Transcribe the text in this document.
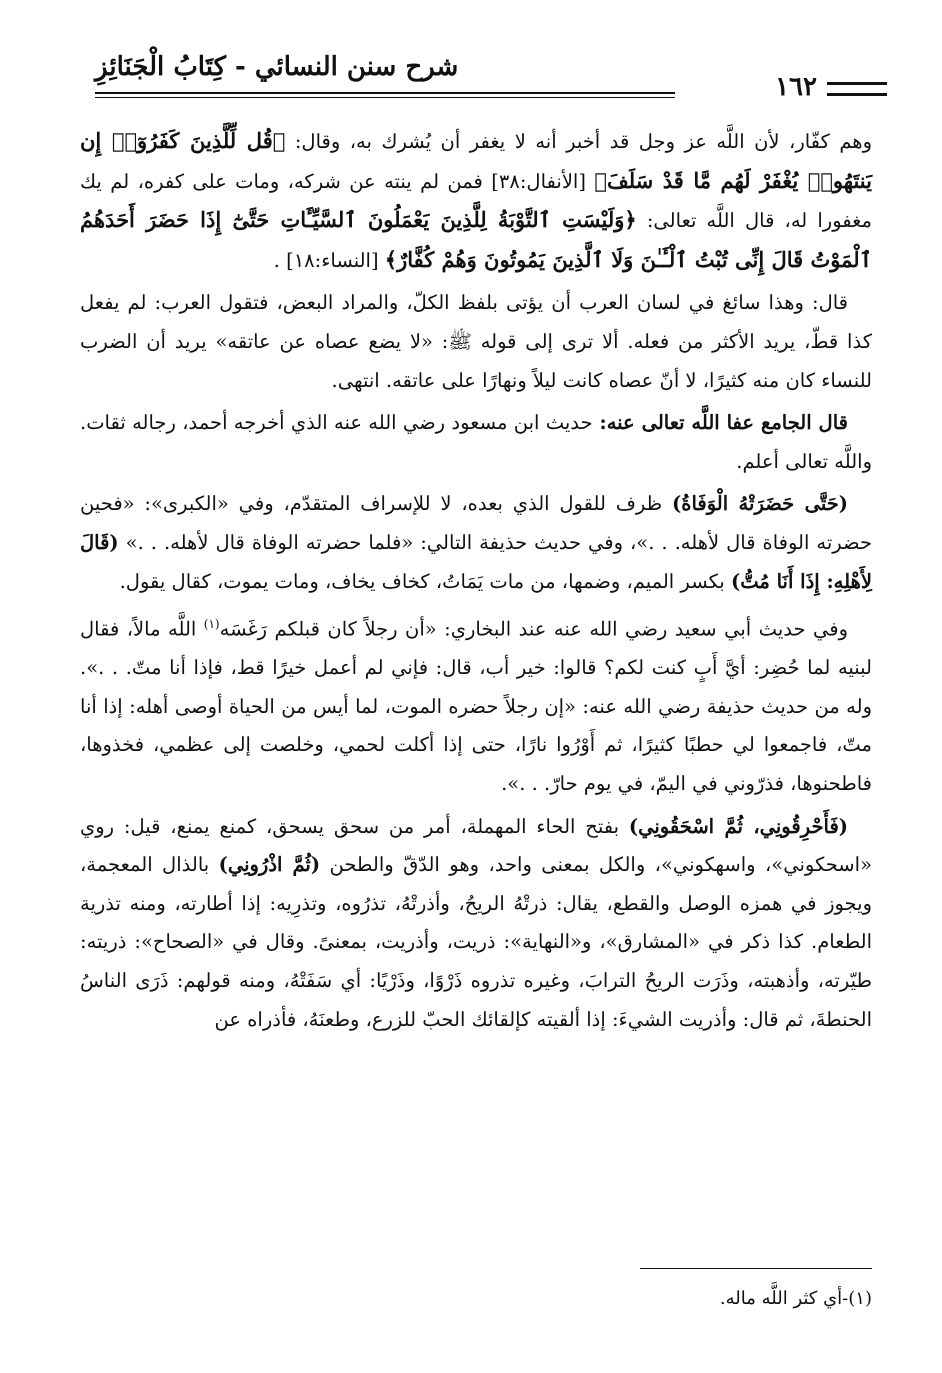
شرح سنن النسائي - كِتَابُ الْجَنَائِزِ
١٦٢

وهم كفّار، لأن اللَّه عز وجل قد أخبر أنه لا يغفر أن يُشرك به، وقال: ﴿قُل لِّلَّذِينَ كَفَرُوٓا۟ إِن يَنتَهُوا۟ يُغْفَرْ لَهُم مَّا قَدْ سَلَفَ﴾ [الأنفال:٣٨] فمن لم ينته عن شركه، ومات على كفره، لم يك مغفورا له، قال اللَّه تعالى: ﴿وَلَيْسَتِ ٱلتَّوْبَةُ لِلَّذِينَ يَعْمَلُونَ ٱلسَّيِّـَٔاتِ حَتَّىٰٓ إِذَا حَضَرَ أَحَدَهُمُ ٱلْمَوْتُ قَالَ إِنِّى تُبْتُ ٱلْـَٔـٰنَ وَلَا ٱلَّذِينَ يَمُوتُونَ وَهُمْ كُفَّارٌ﴾ [النساء:١٨] .

قال: وهذا سائغ في لسان العرب أن يؤتى بلفظ الكلّ، والمراد البعض، فتقول العرب: لم يفعل كذا قطّ، يريد الأكثر من فعله. ألا ترى إلى قوله ﷺ: «لا يضع عصاه عن عاتقه» يريد أن الضرب للنساء كان منه كثيرًا، لا أنّ عصاه كانت ليلاً ونهارًا على عاتقه. انتهى.

قال الجامع عفا اللَّه تعالى عنه: حديث ابن مسعود رضي الله عنه الذي أخرجه أحمد، رجاله ثقات. واللَّه تعالى أعلم.

(حَتَّى حَضَرَتْهُ الْوَفَاةُ) ظرف للقول الذي بعده، لا للإسراف المتقدّم، وفي «الكبرى»: «فحين حضرته الوفاة قال لأهله. . .»، وفي حديث حذيفة التالي: «فلما حضرته الوفاة قال لأهله. . .» (قَالَ لِأَهْلِهِ: إِذَا أَنَا مُتُّ) بكسر الميم، وضمها، من مات يَمَاتُ، كخاف يخاف، ومات يموت، كقال يقول.

وفي حديث أبي سعيد رضي الله عنه عند البخاري: «أن رجلاً كان قبلكم رَغَسَه$^{(١)}$ اللَّه مالاً، فقال لبنيه لما حُضِر: أيَّ أَبٍ كنت لكم؟ قالوا: خير أب، قال: فإني لم أعمل خيرًا قط، فإذا أنا متّ. . .». وله من حديث حذيفة رضي الله عنه: «إن رجلاً حضره الموت، لما أيس من الحياة أوصى أهله: إذا أنا متّ، فاجمعوا لي حطبًا كثيرًا، ثم أَوْرُوا نارًا، حتى إذا أكلت لحمي، وخلصت إلى عظمي، فخذوها، فاطحنوها، فذرّوني في اليمّ، في يوم حارّ. . .».

(فَأَحْرِقُونِي، ثُمَّ اسْحَقُونِي) بفتح الحاء المهملة، أمر من سحق يسحق، كمنع يمنع، قيل: روي «اسحكوني»، واسهكوني»، والكل بمعنى واحد، وهو الدّقّ والطحن (ثُمَّ اذْرُونِي) بالذال المعجمة، ويجوز في همزه الوصل والقطع، يقال: ذرتْهُ الريحُ، وأذرتْهُ، تذرُوه، وتذرِيه: إذا أطارته، ومنه تذرية الطعام. كذا ذكر في «المشارق»، و«النهاية»: ذريت، وأذريت، بمعنىً. وقال في «الصحاح»: ذريته: طيّرته، وأذهبته، وذَرَت الريحُ الترابَ، وغيره تذروه ذَرْوًا، وذَرْيًا: أي سَفَتْهُ، ومنه قولهم: ذَرَى الناسُ الحنطةَ، ثم قال: وأذريت الشيءَ: إذا ألقيته كإلقائك الحبّ للزرع، وطعنَهُ، فأذراه عن

(١)-أي كثر اللَّه ماله.
